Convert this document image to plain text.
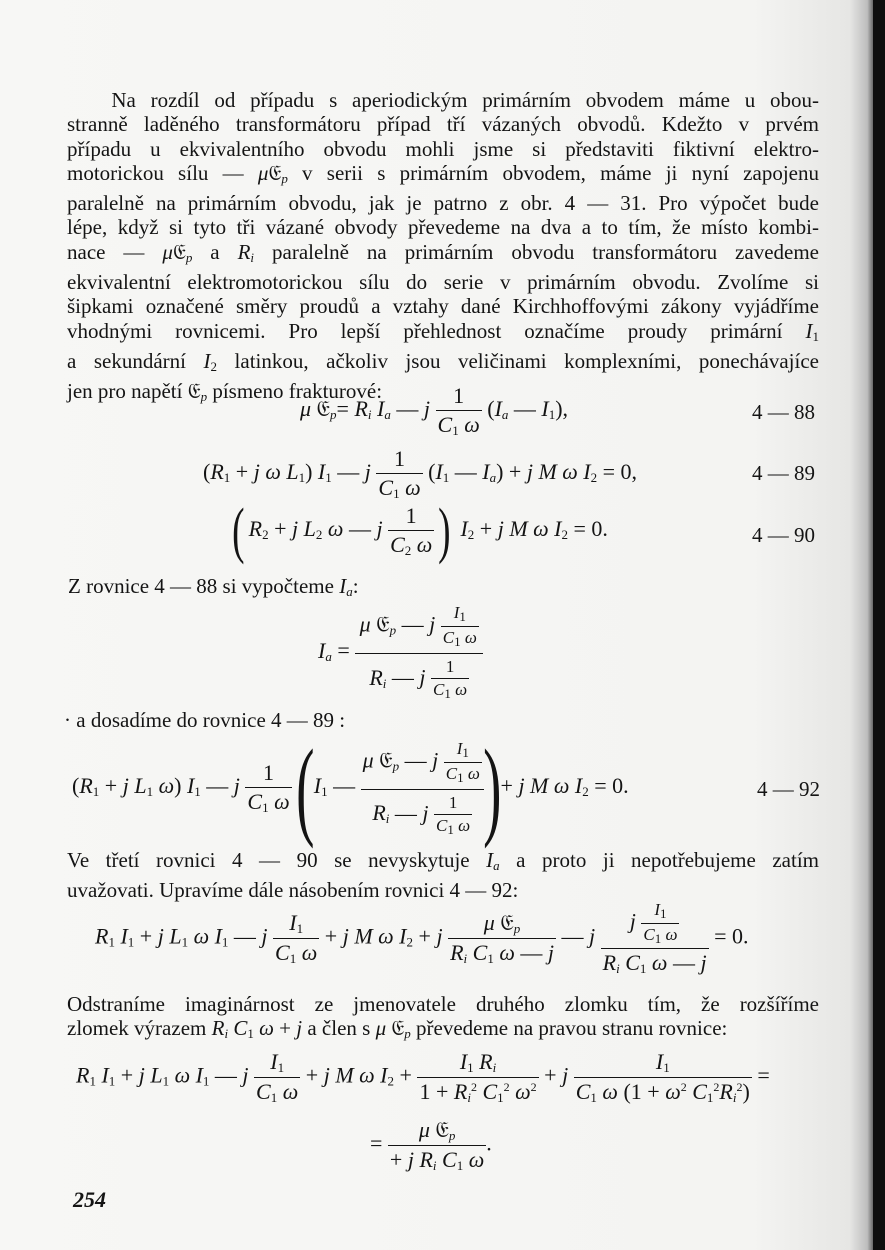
Na rozdíl od případu s aperiodickým primárním obvodem máme u obou-
stranně laděného transformátoru případ tří vázaných obvodů. Kdežto v prvém
případu u ekvivalentního obvodu mohli jsme si představiti fiktivní elektro-
motorickou sílu — μ𝔈$_p$ v serii s primárním obvodem, máme ji nyní zapojenu
paralelně na primárním obvodu, jak je patrno z obr. 4 — 31. Pro výpočet bude
lépe, když si tyto tři vázané obvody převedeme na dva a to tím, že místo kombi-
nace — μ𝔈$_p$ a $R_i$ paralelně na primárním obvodu transformátoru zavedeme
ekvivalentní elektromotorickou sílu do serie v primárním obvodu. Zvolíme si
šipkami označené směry proudů a vztahy dané Kirchhoffovými zákony vyjádříme
vhodnými rovnicemi. Pro lepší přehlednost označíme proudy primární $I_1$
a sekundární $I_2$ latinkou, ačkoliv jsou veličinami komplexními, ponechávajíce
jen pro napětí 𝔈$_p$ písmeno frakturové:
μ 𝔈$_p$= $R_i$ $I_a$ — j $\frac{1}{C_1 \omega} (I_a$ — $I_1$),	4 — 88
($R_1 + j$ ω $L_1$) $I_1$ — j $\frac{1}{C_1 \omega} (I_1$ — $I_a) + j$ M ω $I_2 = 0$,	4 — 89
( $R_2 + j$ $L_2$ ω — j $\frac{1}{C_2 \omega}$ ) $I_2 + j$ M ω $I_2 = 0$.	4 — 90
Z rovnice 4 — 88 si vypočteme $I_a$:
$I_a = \frac{\mu 𝔈_p — j \frac{I_1}{C_1 \omega}}{R_i — j \frac{1}{C_1 \omega}}$
· a dosadíme do rovnice 4 — 89 :
($R_1 + j$ $L_1$ ω) $I_1$ — j $\frac{1}{C_1 \omega} (I_1$ — $\frac{\mu 𝔈_p — j \frac{I_1}{C_1 \omega}}{R_i — j \frac{1}{C_1 \omega}}$ )+ j M ω $I_2 = 0$.	4 — 92
Ve třetí rovnici 4 — 90 se nevyskytuje $I_a$ a proto ji nepotřebujeme zatím
uvažovati. Upravíme dále násobením rovnici 4 — 92:
$R_1$ $I_1 + j$ $L_1$ ω $I_1$ — j $\frac{I_1}{C_1 \omega} + j$ M ω $I_2 + j \frac{\mu 𝔈_p}{R_i C_1 \omega — j}$ — j $\frac{j \frac{I_1}{C_1 \omega}}{R_i C_1 \omega — j} = 0$.
Odstraníme imaginárnost ze jmenovatele druhého zlomku tím, že rozšíříme
zlomek výrazem $R_i$ $C_1$ ω + j a člen s μ 𝔈$_p$ převedeme na pravou stranu rovnice:
$R_1$ $I_1 + j$ $L_1$ ω $I_1$ — j $\frac{I_1}{C_1 \omega} + j$ M ω $I_2 + \frac{I_1 R_i}{1 + R_i^2 C_1^2 \omega^2} + j \frac{I_1}{C_1 \omega (1 + \omega^2 C_1^2R_i^2)}$ =
= $\frac{\mu 𝔈_p}{+ j R_i C_1 \omega}$ .
254
